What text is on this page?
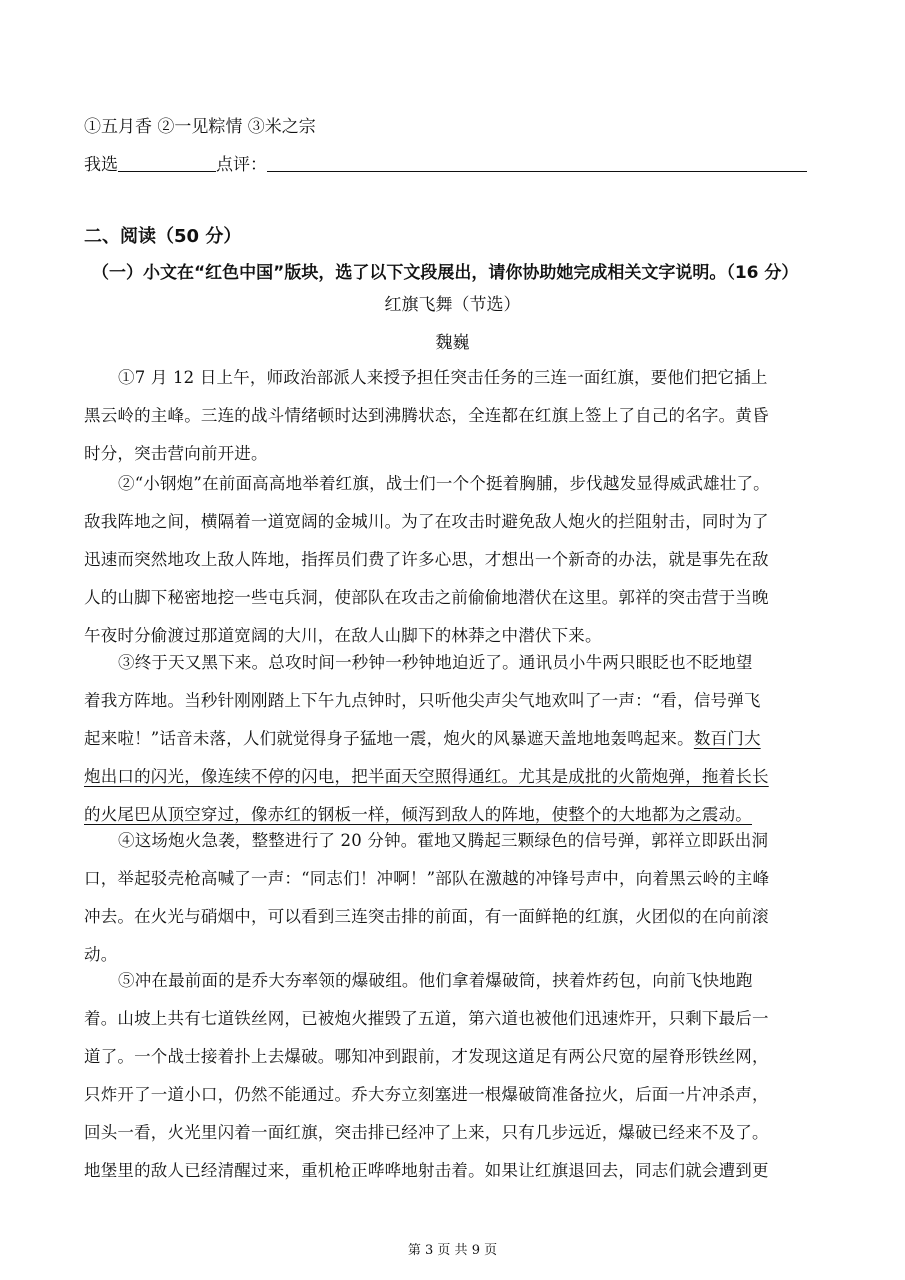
①五月香 ②一见粽情 ③米之宗
我选	点评：
二、阅读（50 分）
（一）小文在“红色中国”版块，选了以下文段展出，请你协助她完成相关文字说明。（16 分）
红旗飞舞（节选）
魏巍

①7 月 12 日上午，师政治部派人来授予担任突击任务的三连一面红旗，要他们把它插上

黑云岭的主峰。三连的战斗情绪顿时达到沸腾状态，全连都在红旗上签上了自己的名字。黄昏

时分，突击营向前开进。

②“小钢炮”在前面高高地举着红旗，战士们一个个挺着胸脯，步伐越发显得威武雄壮了。

敌我阵地之间，横隔着一道宽阔的金城川。为了在攻击时避免敌人炮火的拦阻射击，同时为了

迅速而突然地攻上敌人阵地，指挥员们费了许多心思，才想出一个新奇的办法，就是事先在敌

人的山脚下秘密地挖一些屯兵洞，使部队在攻击之前偷偷地潜伏在这里。郭祥的突击营于当晚

午夜时分偷渡过那道宽阔的大川，在敌人山脚下的林莽之中潜伏下来。

③终于天又黑下来。总攻时间一秒钟一秒钟地迫近了。通讯员小牛两只眼眨也不眨地望

着我方阵地。当秒针刚刚踏上下午九点钟时，只听他尖声尖气地欢叫了一声：“看，信号弹飞

起来啦！”话音未落，人们就觉得身子猛地一震，炮火的风暴遮天盖地地轰鸣起来。数百门大

炮出口的闪光，像连续不停的闪电，把半面天空照得通红。尤其是成批的火箭炮弹，拖着长长

的火尾巴从顶空穿过，像赤红的钢板一样，倾泻到敌人的阵地，使整个的大地都为之震动。

④这场炮火急袭，整整进行了 20 分钟。霍地又腾起三颗绿色的信号弹，郭祥立即跃出洞

口，举起驳壳枪高喊了一声：“同志们！冲啊！”部队在激越的冲锋号声中，向着黑云岭的主峰

冲去。在火光与硝烟中，可以看到三连突击排的前面，有一面鲜艳的红旗，火团似的在向前滚

动。

⑤冲在最前面的是乔大夯率领的爆破组。他们拿着爆破筒，挟着炸药包，向前飞快地跑

着。山坡上共有七道铁丝网，已被炮火摧毁了五道，第六道也被他们迅速炸开，只剩下最后一

道了。一个战士接着扑上去爆破。哪知冲到跟前，才发现这道足有两公尺宽的屋脊形铁丝网，

只炸开了一道小口，仍然不能通过。乔大夯立刻塞进一根爆破筒准备拉火，后面一片冲杀声，

回头一看，火光里闪着一面红旗，突击排已经冲了上来，只有几步远近，爆破已经来不及了。

地堡里的敌人已经清醒过来，重机枪正哗哗地射击着。如果让红旗退回去，同志们就会遭到更

第 3 页 共 9 页
